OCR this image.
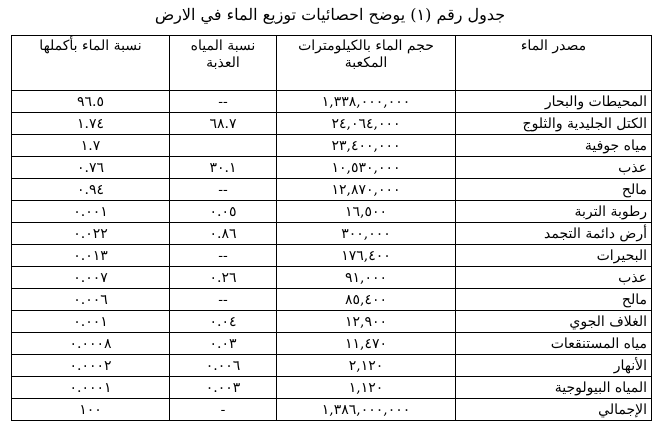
جدول رقم (١) يوضح احصائيات توزيع الماء في الارض
مصدر الماء	حجم الماء بالكيلومترات المكعبة	نسبة المياه العذبة	نسبة الماء بأكملها
المحيطات والبحار	١,٣٣٨,٠٠٠,٠٠٠	--	٩٦.٥
الكتل الجليدية والثلوج	٢٤,٠٦٤,٠٠٠	٦٨.٧	١.٧٤
مياه جوفية	٢٣,٤٠٠,٠٠٠		١.٧
عذب	١٠,٥٣٠,٠٠٠	٣٠.١	٠.٧٦
مالح	١٢,٨٧٠,٠٠٠	--	٠.٩٤
رطوبة التربة	١٦,٥٠٠	٠.٠٥	٠.٠٠١
أرض دائمة التجمد	٣٠٠,٠٠٠	٠.٨٦	٠.٠٢٢
البحيرات	١٧٦,٤٠٠	--	٠.٠١٣
عذب	٩١,٠٠٠	٠.٢٦	٠.٠٠٧
مالح	٨٥,٤٠٠	--	٠.٠٠٦
الغلاف الجوي	١٢,٩٠٠	٠.٠٤	٠.٠٠١
مياه المستنقعات	١١,٤٧٠	٠.٠٣	٠.٠٠٠٨
الأنهار	٢,١٢٠	٠.٠٠٦	٠.٠٠٠٢
المياه البيولوجية	١,١٢٠	٠.٠٠٣	٠.٠٠٠١
الإجمالي	١,٣٨٦,٠٠٠,٠٠٠	-	١٠٠
